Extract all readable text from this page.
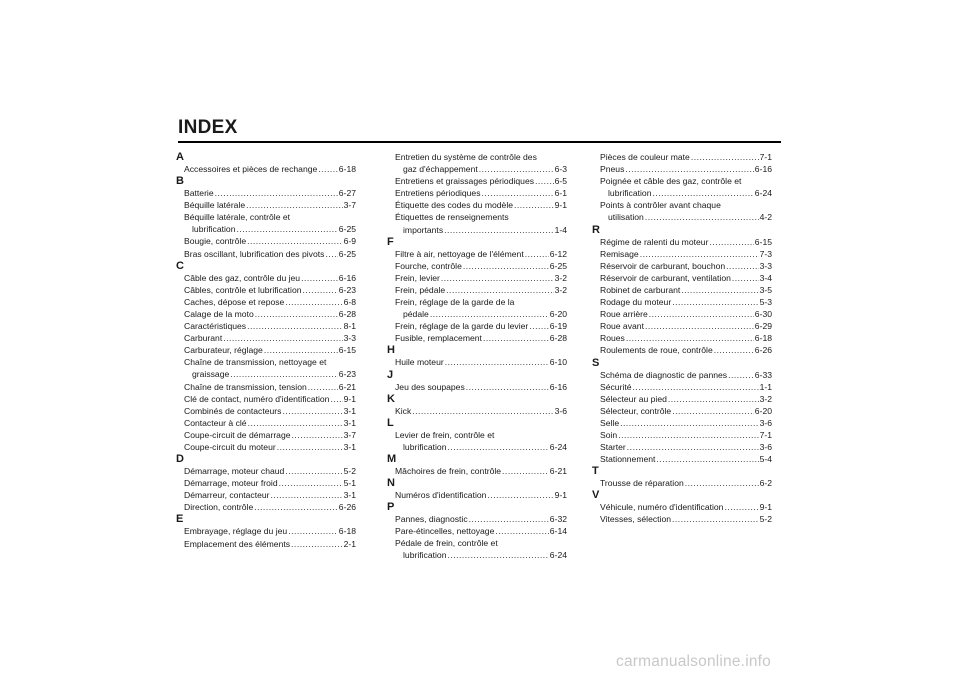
INDEX
A
Accessoires et pièces de rechange .....	6-18
B
Batterie .....	6-27
Béquille latérale .....	3-7
Béquille latérale, contrôle et
lubrification .....	6-25
Bougie, contrôle .....	6-9
Bras oscillant, lubrification des pivots ..... 6-25
C
Câble des gaz, contrôle du jeu .....	6-16
Câbles, contrôle et lubrification .....	6-23
Caches, dépose et repose .....	6-8
Calage de la moto .....	6-28
Caractéristiques .....	8-1
Carburant .....	3-3
Carburateur, réglage .....	6-15
Chaîne de transmission, nettoyage et
graissage .....	6-23
Chaîne de transmission, tension .....	6-21
Clé de contact, numéro d'identification ..... 9-1
Combinés de contacteurs .....	3-1
Contacteur à clé .....	3-1
Coupe-circuit de démarrage .....	3-7
Coupe-circuit du moteur .....	3-1
D
Démarrage, moteur chaud .....	5-2
Démarrage, moteur froid .....	5-1
Démarreur, contacteur .....	3-1
Direction, contrôle .....	6-26
E
Embrayage, réglage du jeu .....	6-18
Emplacement des éléments .....	2-1
Entretien du système de contrôle des
gaz d'échappement .....	6-3
Entretiens et graissages périodiques ..... 6-5
Entretiens périodiques .....	6-1
Étiquette des codes du modèle .....	9-1
Étiquettes de renseignements
importants .....	1-4
F
Filtre à air, nettoyage de l'élément .....	6-12
Fourche, contrôle .....	6-25
Frein, levier .....	3-2
Frein, pédale .....	3-2
Frein, réglage de la garde de la
pédale .....	6-20
Frein, réglage de la garde du levier .....	6-19
Fusible, remplacement .....	6-28
H
Huile moteur .....	6-10
J
Jeu des soupapes .....	6-16
K
Kick .....	3-6
L
Levier de frein, contrôle et
lubrification .....	6-24
M
Mâchoires de frein, contrôle .....	6-21
N
Numéros d'identification .....	9-1
P
Pannes, diagnostic .....	6-32
Pare-étincelles, nettoyage .....	6-14
Pédale de frein, contrôle et
lubrification .....	6-24
Pièces de couleur mate .....	7-1
Pneus .....	6-16
Poignée et câble des gaz, contrôle et
lubrification .....	6-24
Points à contrôler avant chaque
utilisation .....	4-2
R
Régime de ralenti du moteur .....	6-15
Remisage .....	7-3
Réservoir de carburant, bouchon .....	3-3
Réservoir de carburant, ventilation .....	3-4
Robinet de carburant .....	3-5
Rodage du moteur .....	5-3
Roue arrière .....	6-30
Roue avant .....	6-29
Roues .....	6-18
Roulements de roue, contrôle .....	6-26
S
Schéma de diagnostic de pannes .....	6-33
Sécurité .....	1-1
Sélecteur au pied .....	3-2
Sélecteur, contrôle .....	6-20
Selle .....	3-6
Soin .....	7-1
Starter .....	3-6
Stationnement .....	5-4
T
Trousse de réparation .....	6-2
V
Véhicule, numéro d'identification .....	9-1
Vitesses, sélection .....	5-2
carmanualsonline.info
